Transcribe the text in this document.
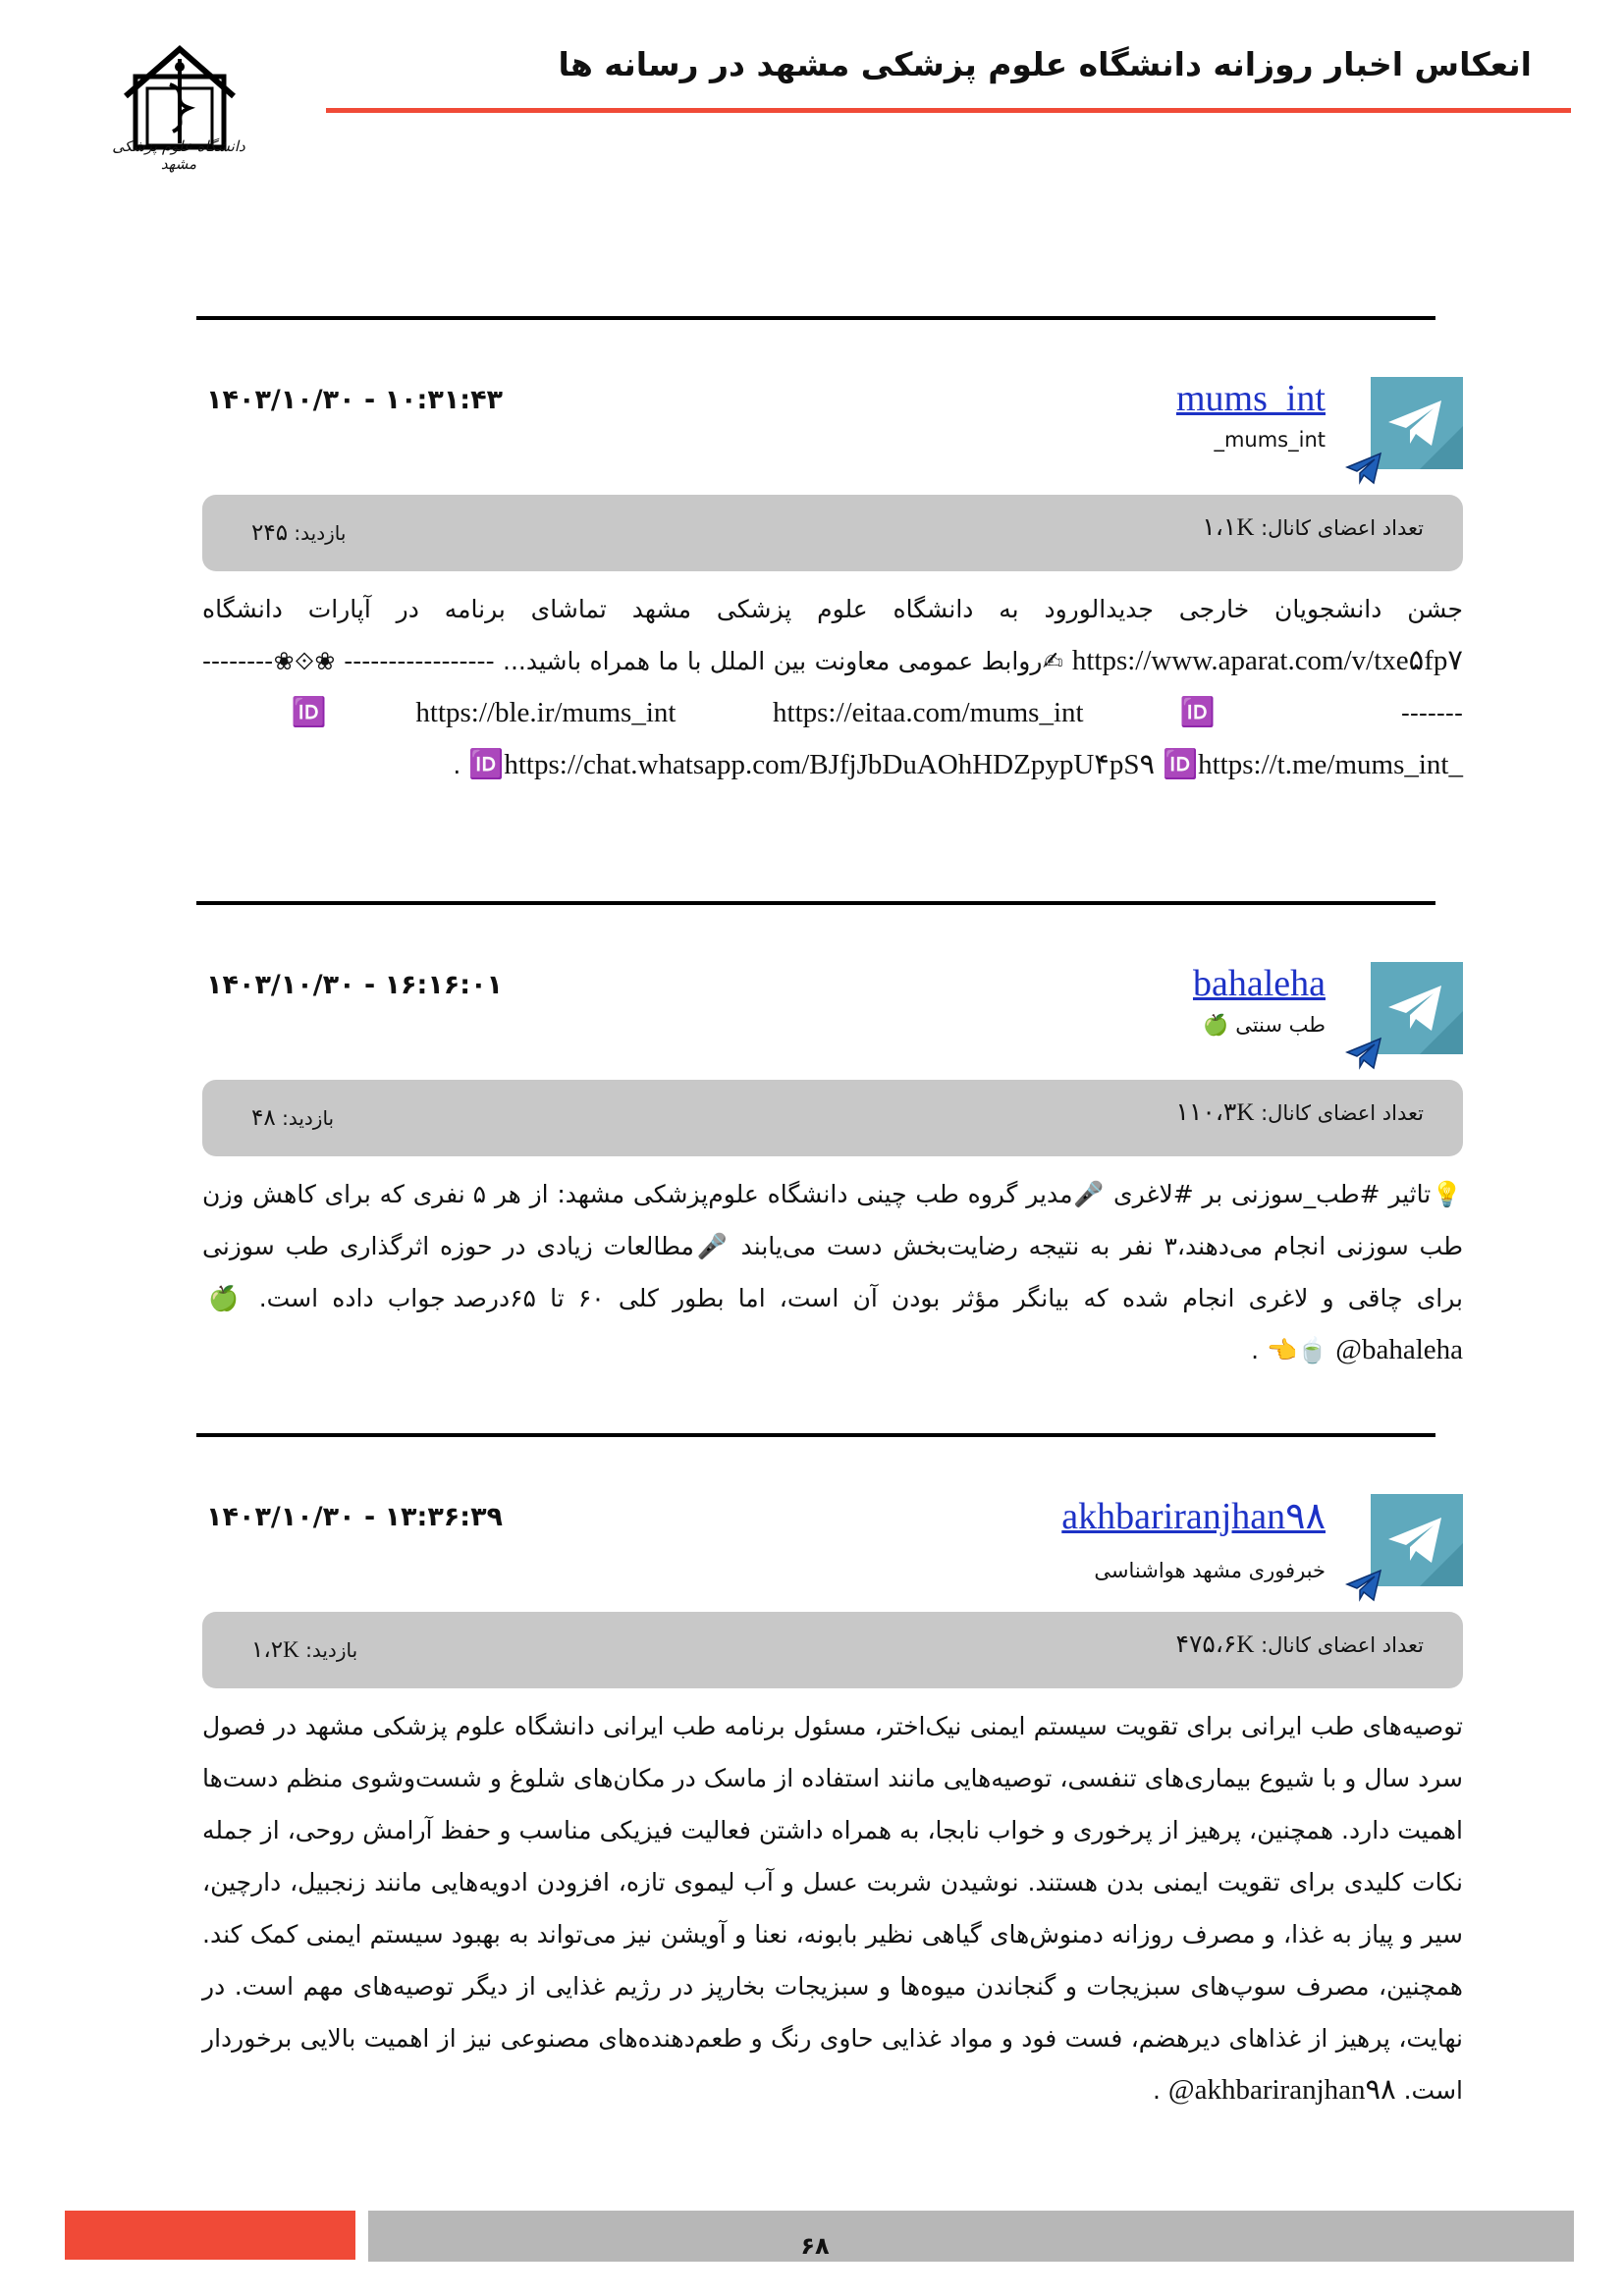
انعکاس اخبار روزانه دانشگاه علوم پزشکی مشهد در رسانه ها
دانشگاه علوم پزشکی مشهد
mums_int
mums_int_
۱۴۰۳/۱۰/۳۰ - ۱۰:۳۱:۴۳
تعداد اعضای کانال: ۱،۱K
بازدید: ۲۴۵
جشن دانشجویان خارجی جدیدالورود به دانشگاه علوم پزشکی مشهد تماشای برنامه در آپارات دانشگاه https://www.aparat.com/v/txe۵fp۷ ✍روابط عمومی معاونت بین الملل با ما همراه باشید... ----------------- ❀⟐❀--------------- 🆔https://ble.ir/mums_int	https://eitaa.com/mums_int 🆔 🆔https://chat.whatsapp.com/BJfjJbDuAOhHDZpypU۴pS۹ 🆔https://t.me/mums_int_ .
bahaleha
طب سنتی 🍏
۱۴۰۳/۱۰/۳۰ - ۱۶:۱۶:۰۱
تعداد اعضای کانال: ۱۱۰،۳K
بازدید: ۴۸
💡تاثیر #طب_سوزنی بر #لاغری 🎤مدیر گروه طب چینی دانشگاه علوم‌پزشکی مشهد: از هر ۵ نفری که برای کاهش وزن طب سوزنی انجام می‌دهند،۳ نفر به نتیجه رضایت‌بخش دست می‌یابند 🎤مطالعات زیادی در حوزه اثرگذاری طب سوزنی برای چاقی و لاغری انجام شده که بیانگر مؤثر بودن آن است، اما بطور کلی ۶۰ تا ۶۵درصد جواب داده است. 🍏 @bahaleha 🍵👈 .
akhbariranjhan۹۸
خبرفوری مشهد هواشناسی
۱۴۰۳/۱۰/۳۰ - ۱۳:۳۶:۳۹
تعداد اعضای کانال: ۴۷۵،۶K
بازدید: ۱،۲K
توصیه‌های طب ایرانی برای تقویت سیستم ایمنی نیک‌اختر، مسئول برنامه طب ایرانی دانشگاه علوم پزشکی مشهد در فصول سرد سال و با شیوع بیماری‌های تنفسی، توصیه‌هایی مانند استفاده از ماسک در مکان‌های شلوغ و شست‌وشوی منظم دست‌ها اهمیت دارد. همچنین، پرهیز از پرخوری و خواب نابجا، به همراه داشتن فعالیت فیزیکی مناسب و حفظ آرامش روحی، از جمله نکات کلیدی برای تقویت ایمنی بدن هستند. نوشیدن شربت عسل و آب لیموی تازه، افزودن ادویه‌هایی مانند زنجبیل، دارچین، سیر و پیاز به غذا، و مصرف روزانه دمنوش‌های گیاهی نظیر بابونه، نعنا و آویشن نیز می‌تواند به بهبود سیستم ایمنی کمک کند. همچنین، مصرف سوپ‌های سبزیجات و گنجاندن میوه‌ها و سبزیجات بخارپز در رژیم غذایی از دیگر توصیه‌های مهم است. در نهایت، پرهیز از غذاهای دیرهضم، فست فود و مواد غذایی حاوی رنگ و طعم‌دهنده‌های مصنوعی نیز از اهمیت بالایی برخوردار است. @akhbariranjhan۹۸ .
۶۸
